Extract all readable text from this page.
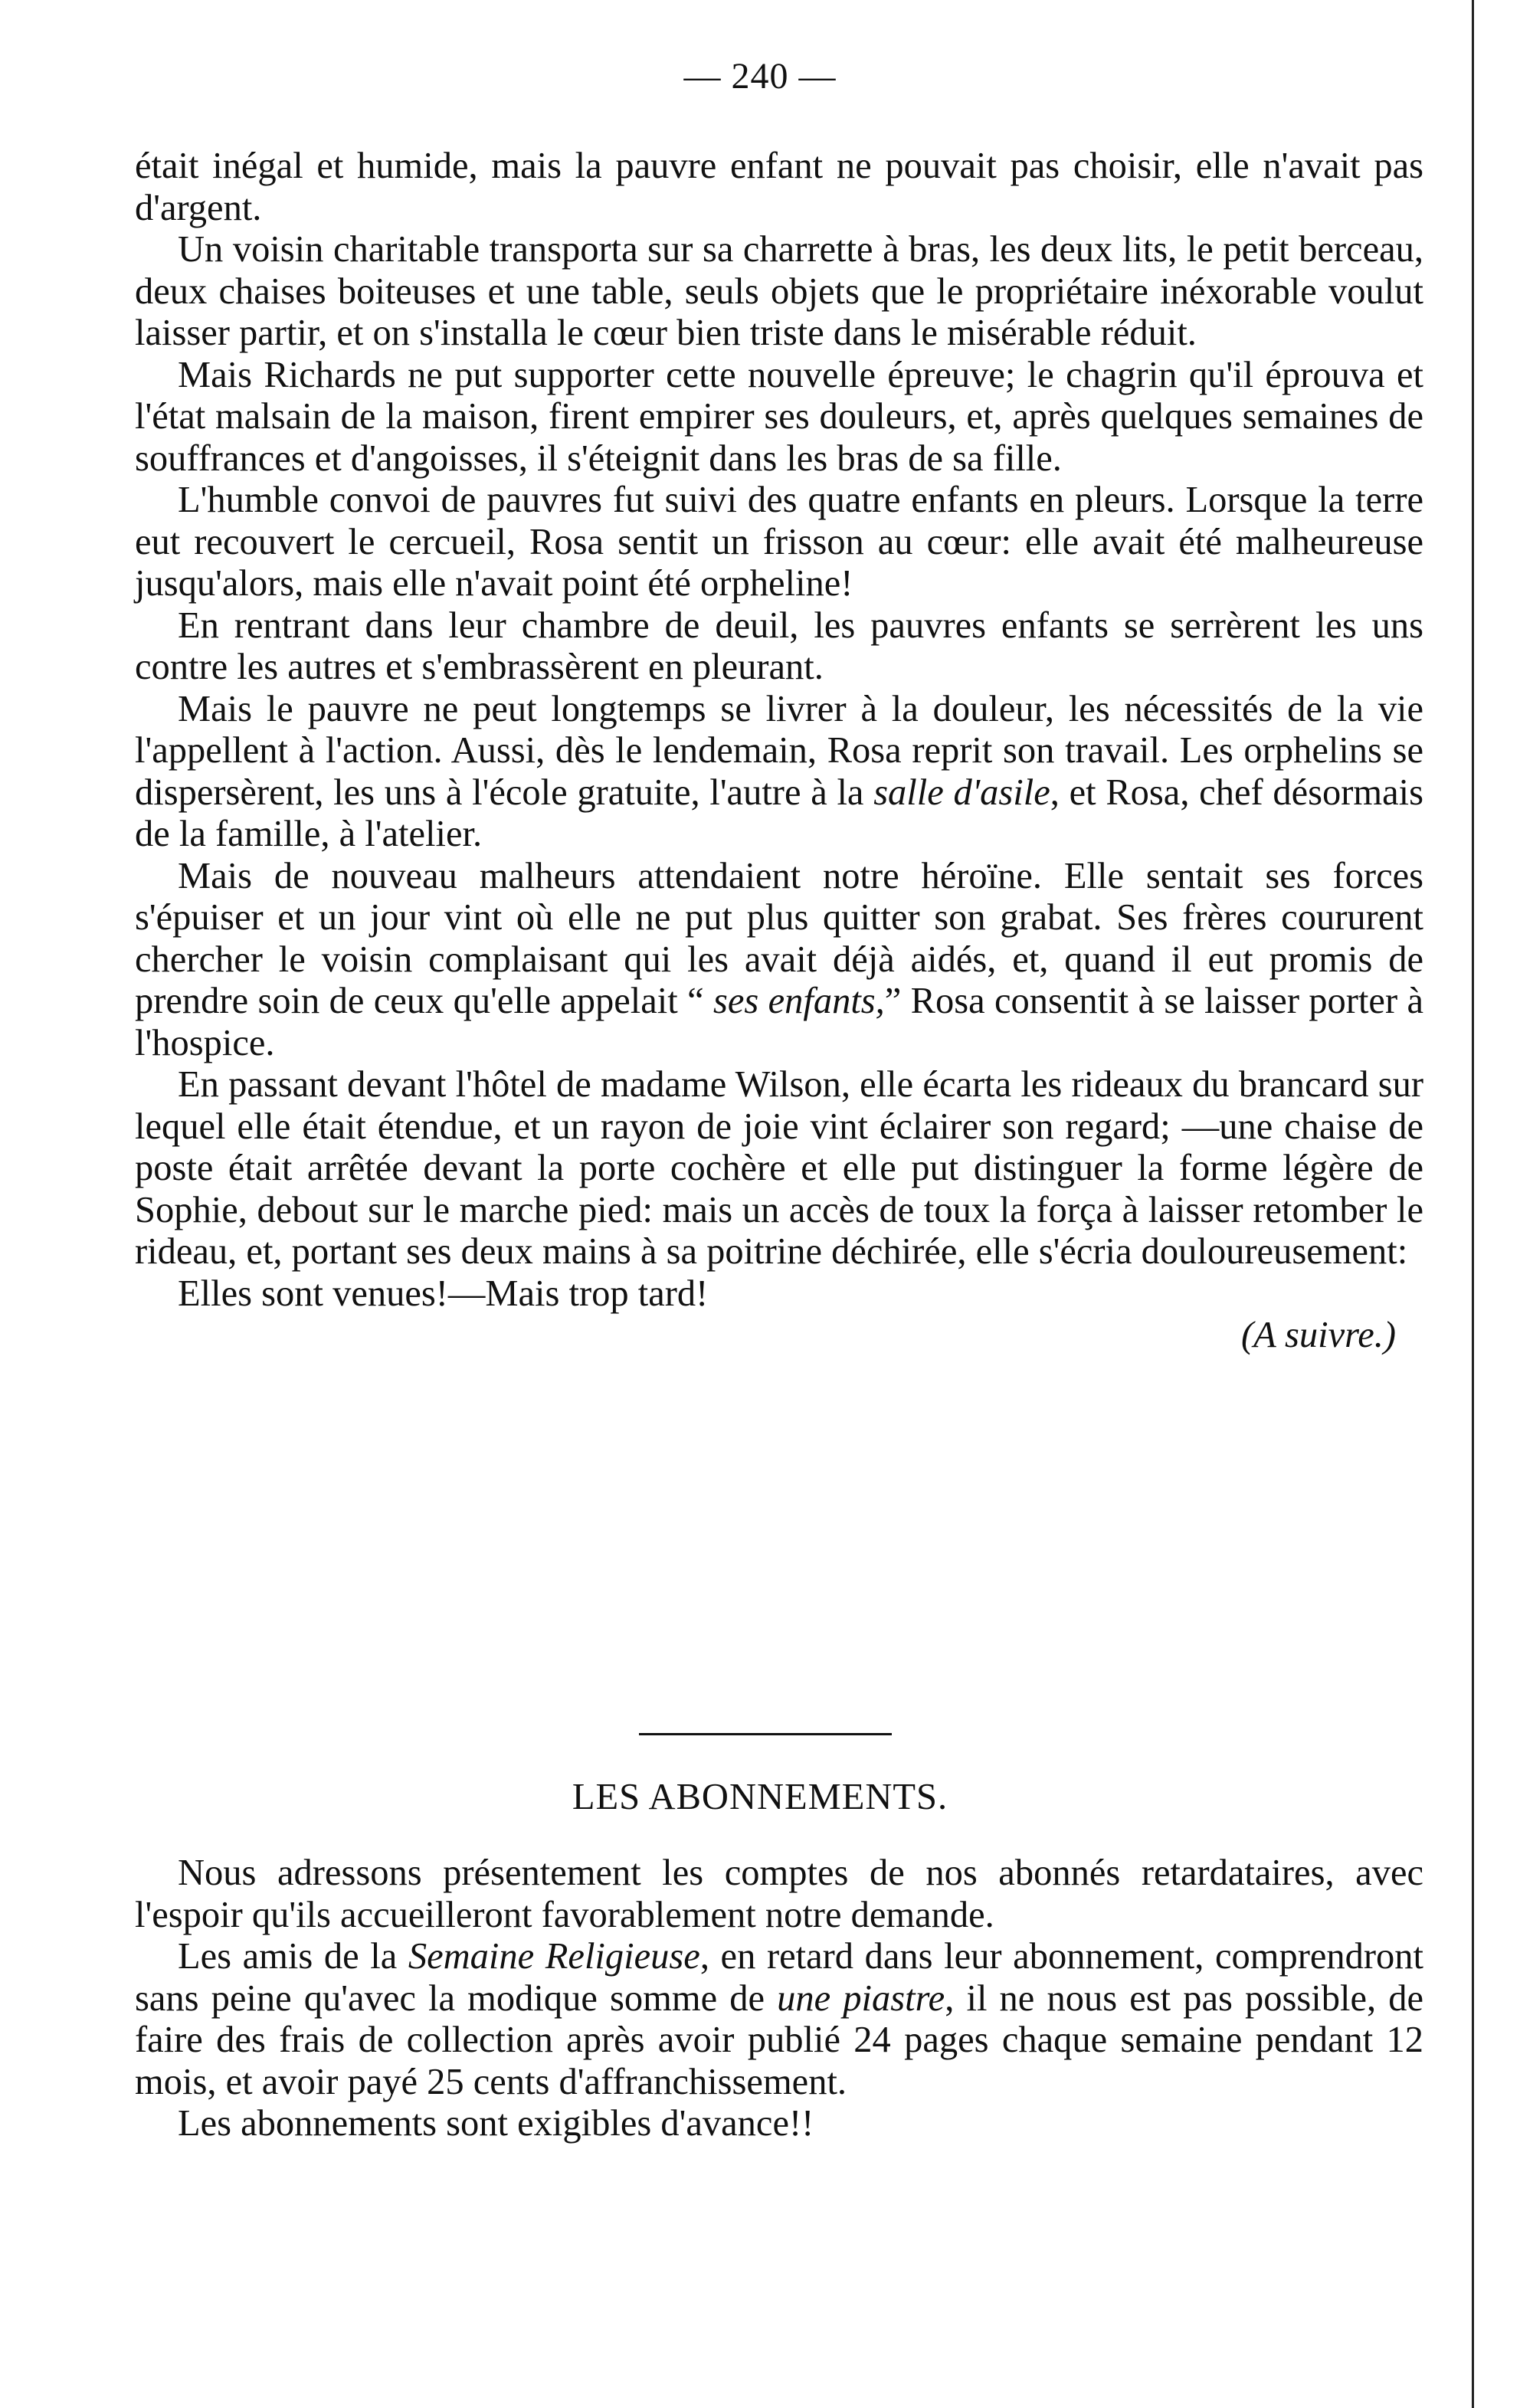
— 240 —

était inégal et humide, mais la pauvre enfant ne pouvait pas choisir, elle n'avait pas d'argent.

Un voisin charitable transporta sur sa charrette à bras, les deux lits, le petit berceau, deux chaises boiteuses et une table, seuls objets que le propriétaire inéxorable voulut laisser partir, et on s'installa le cœur bien triste dans le misérable réduit.

Mais Richards ne put supporter cette nouvelle épreuve; le chagrin qu'il éprouva et l'état malsain de la maison, firent empirer ses douleurs, et, après quelques semaines de souffrances et d'angoisses, il s'éteignit dans les bras de sa fille.

L'humble convoi de pauvres fut suivi des quatre enfants en pleurs. Lorsque la terre eut recouvert le cercueil, Rosa sentit un frisson au cœur: elle avait été malheureuse jusqu'alors, mais elle n'avait point été orpheline!

En rentrant dans leur chambre de deuil, les pauvres enfants se serrèrent les uns contre les autres et s'embrassèrent en pleurant.

Mais le pauvre ne peut longtemps se livrer à la douleur, les nécessités de la vie l'appellent à l'action. Aussi, dès le lendemain, Rosa reprit son travail. Les orphelins se dispersèrent, les uns à l'école gratuite, l'autre à la salle d'asile, et Rosa, chef désormais de la famille, à l'atelier.

Mais de nouveau malheurs attendaient notre héroïne. Elle sentait ses forces s'épuiser et un jour vint où elle ne put plus quitter son grabat. Ses frères coururent chercher le voisin complaisant qui les avait déjà aidés, et, quand il eut promis de prendre soin de ceux qu'elle appelait “ ses enfants,” Rosa consentit à se laisser porter à l'hospice.

En passant devant l'hôtel de madame Wilson, elle écarta les rideaux du brancard sur lequel elle était étendue, et un rayon de joie vint éclairer son regard; —une chaise de poste était arrêtée devant la porte cochère et elle put distinguer la forme légère de Sophie, debout sur le marche pied: mais un accès de toux la força à laisser retomber le rideau, et, portant ses deux mains à sa poitrine déchirée, elle s'écria douloureusement:

Elles sont venues!—Mais trop tard!

(A suivre.)

LES ABONNEMENTS.

Nous adressons présentement les comptes de nos abonnés retardataires, avec l'espoir qu'ils accueilleront favorablement notre demande.

Les amis de la Semaine Religieuse, en retard dans leur abonnement, comprendront sans peine qu'avec la modique somme de une piastre, il ne nous est pas possible, de faire des frais de collection après avoir publié 24 pages chaque semaine pendant 12 mois, et avoir payé 25 cents d'affranchissement.

Les abonnements sont exigibles d'avance!!
